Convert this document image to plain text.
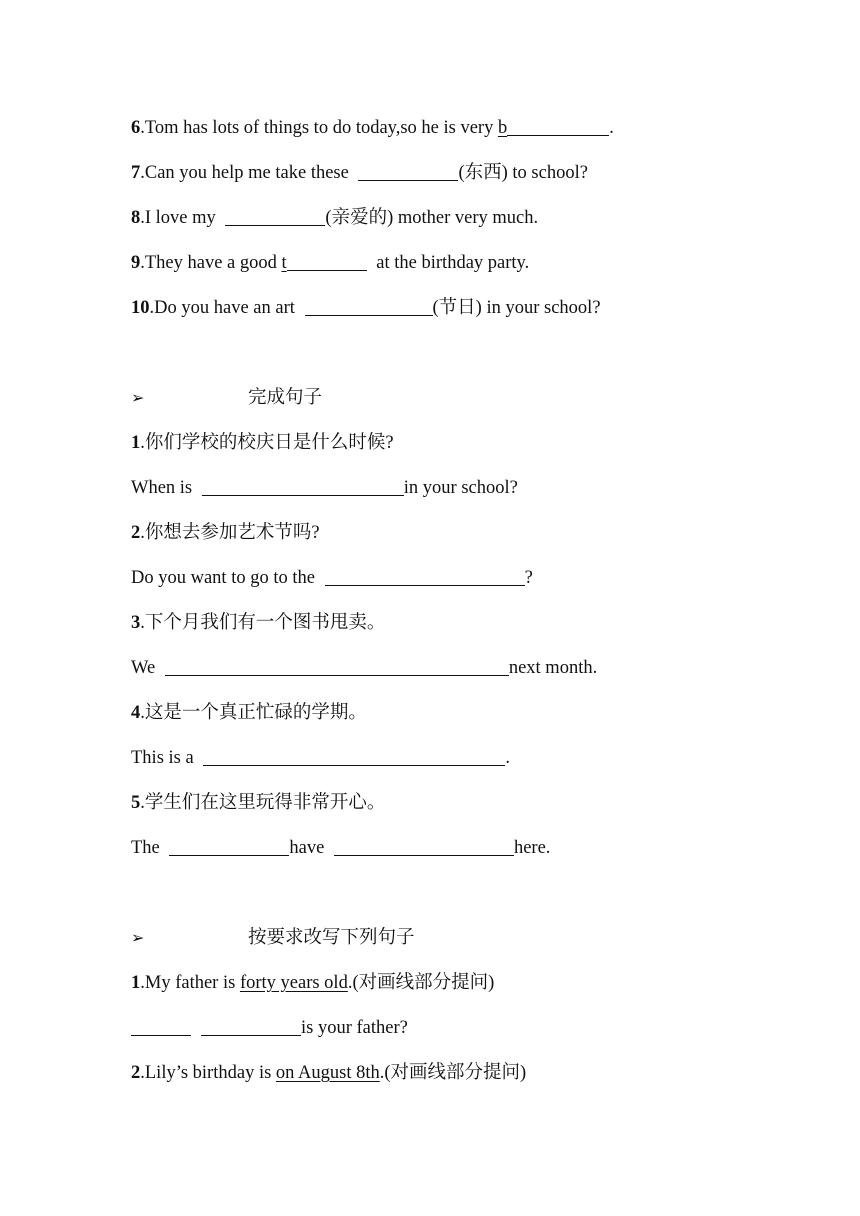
6.Tom has lots of things to do today,so he is very b	.
7.Can you help me take these	(东西) to school?
8.I love my	(亲爱的) mother very much.
9.They have a good t	at the birthday party.
10.Do you have an art	(节日) in your school?
➢	完成句子
1.你们学校的校庆日是什么时候?
When is	in your school?
2.你想去参加艺术节吗?
Do you want to go to the	?
3.下个月我们有一个图书甩卖。
We	next month.
4.这是一个真正忙碌的学期。
This is a	.
5.学生们在这里玩得非常开心。
The	have	here.
➢	按要求改写下列句子
1.My father is forty years old.(对画线部分提问)
is your father?
2.Lily’s birthday is on August 8th.(对画线部分提问)
